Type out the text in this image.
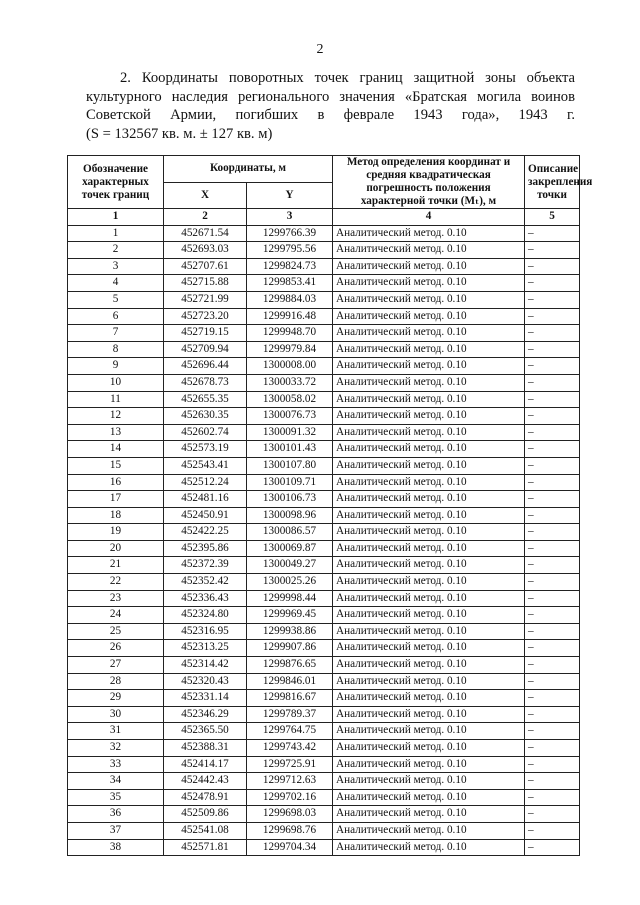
2
2. Координаты поворотных точек границ защитной зоны объекта
культурного наследия регионального значения «Братская могила воинов
Советской Армии, погибших в феврале 1943 года», 1943 г.
(S = 132567 кв. м. ± 127 кв. м)
Обозначение характерных точек границ	Координаты, м		Метод определения координат и средняя квадратическая погрешность положения характерной точки (Mₜ), м	Описание закрепления точки
	X	Y		
1	2	3	4	5
1	452671.54	1299766.39	Аналитический метод. 0.10	–
2	452693.03	1299795.56	Аналитический метод. 0.10	–
3	452707.61	1299824.73	Аналитический метод. 0.10	–
4	452715.88	1299853.41	Аналитический метод. 0.10	–
5	452721.99	1299884.03	Аналитический метод. 0.10	–
6	452723.20	1299916.48	Аналитический метод. 0.10	–
7	452719.15	1299948.70	Аналитический метод. 0.10	–
8	452709.94	1299979.84	Аналитический метод. 0.10	–
9	452696.44	1300008.00	Аналитический метод. 0.10	–
10	452678.73	1300033.72	Аналитический метод. 0.10	–
11	452655.35	1300058.02	Аналитический метод. 0.10	–
12	452630.35	1300076.73	Аналитический метод. 0.10	–
13	452602.74	1300091.32	Аналитический метод. 0.10	–
14	452573.19	1300101.43	Аналитический метод. 0.10	–
15	452543.41	1300107.80	Аналитический метод. 0.10	–
16	452512.24	1300109.71	Аналитический метод. 0.10	–
17	452481.16	1300106.73	Аналитический метод. 0.10	–
18	452450.91	1300098.96	Аналитический метод. 0.10	–
19	452422.25	1300086.57	Аналитический метод. 0.10	–
20	452395.86	1300069.87	Аналитический метод. 0.10	–
21	452372.39	1300049.27	Аналитический метод. 0.10	–
22	452352.42	1300025.26	Аналитический метод. 0.10	–
23	452336.43	1299998.44	Аналитический метод. 0.10	–
24	452324.80	1299969.45	Аналитический метод. 0.10	–
25	452316.95	1299938.86	Аналитический метод. 0.10	–
26	452313.25	1299907.86	Аналитический метод. 0.10	–
27	452314.42	1299876.65	Аналитический метод. 0.10	–
28	452320.43	1299846.01	Аналитический метод. 0.10	–
29	452331.14	1299816.67	Аналитический метод. 0.10	–
30	452346.29	1299789.37	Аналитический метод. 0.10	–
31	452365.50	1299764.75	Аналитический метод. 0.10	–
32	452388.31	1299743.42	Аналитический метод. 0.10	–
33	452414.17	1299725.91	Аналитический метод. 0.10	–
34	452442.43	1299712.63	Аналитический метод. 0.10	–
35	452478.91	1299702.16	Аналитический метод. 0.10	–
36	452509.86	1299698.03	Аналитический метод. 0.10	–
37	452541.08	1299698.76	Аналитический метод. 0.10	–
38	452571.81	1299704.34	Аналитический метод. 0.10	–
